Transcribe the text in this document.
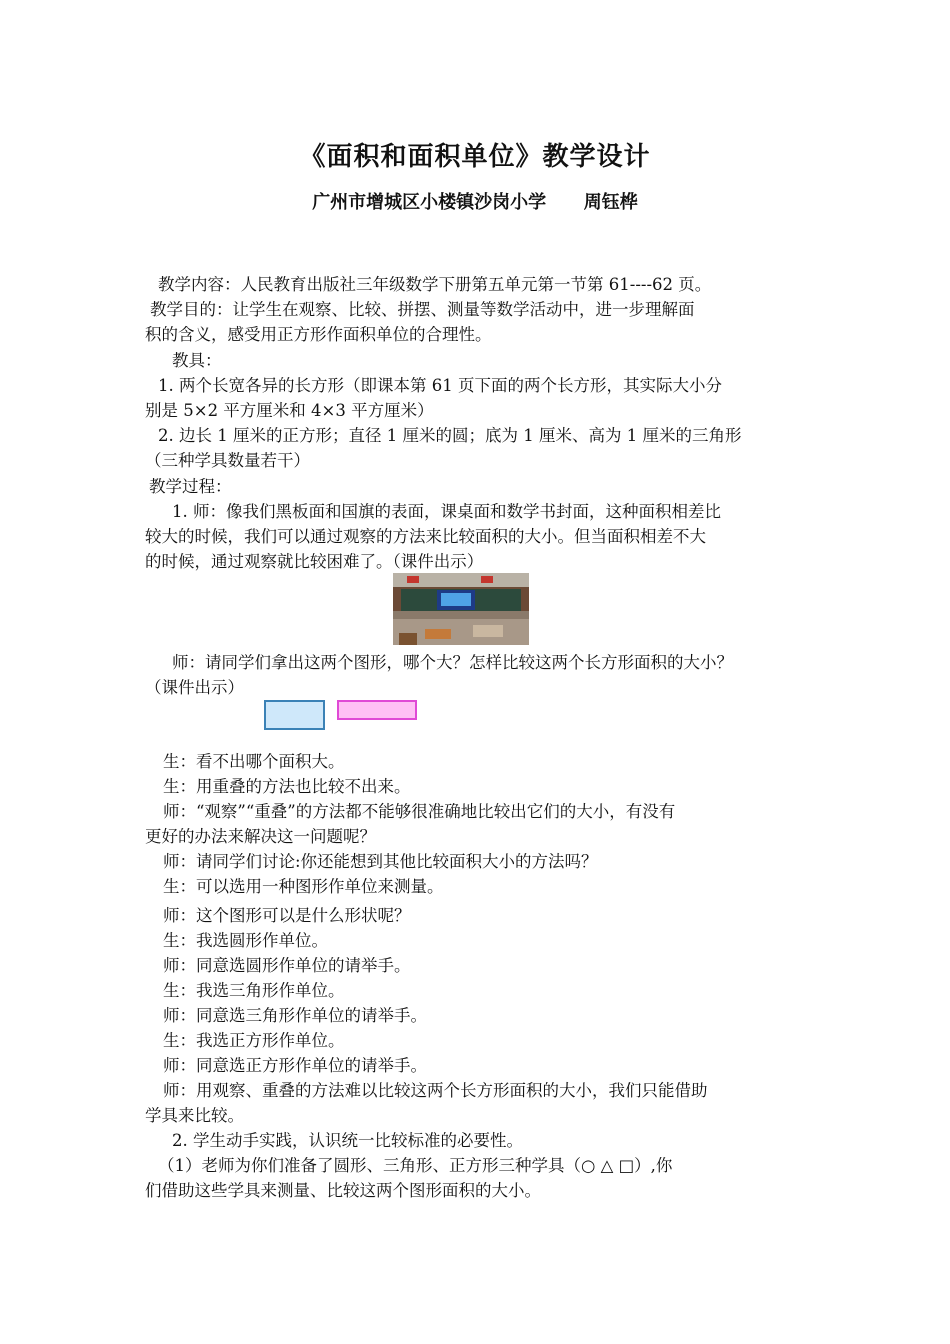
《面积和面积单位》教学设计
广州市增城区小楼镇沙岗小学      周钰桦
教学内容：人民教育出版社三年级数学下册第五单元第一节第 61----62 页。
教学目的：让学生在观察、比较、拼摆、测量等数学活动中，进一步理解面
积的含义，感受用正方形作面积单位的合理性。
教具：
1. 两个长宽各异的长方形（即课本第 61 页下面的两个长方形，其实际大小分
别是 5×2 平方厘米和 4×3 平方厘米）
2. 边长 1 厘米的正方形；直径 1 厘米的圆；底为 1 厘米、高为 1 厘米的三角形
（三种学具数量若干）
教学过程：
1. 师：像我们黑板面和国旗的表面，课桌面和数学书封面，这种面积相差比
较大的时候，我们可以通过观察的方法来比较面积的大小。但当面积相差不大
的时候，通过观察就比较困难了。（课件出示）
师：请同学们拿出这两个图形，哪个大？怎样比较这两个长方形面积的大小？
（课件出示）
生：看不出哪个面积大。
生：用重叠的方法也比较不出来。
师：“观察”“重叠”的方法都不能够很准确地比较出它们的大小，有没有
更好的办法来解决这一问题呢？
师：请同学们讨论:你还能想到其他比较面积大小的方法吗？
生：可以选用一种图形作单位来测量。
师：这个图形可以是什么形状呢？
生：我选圆形作单位。
师：同意选圆形作单位的请举手。
生：我选三角形作单位。
师：同意选三角形作单位的请举手。
生：我选正方形作单位。
师：同意选正方形作单位的请举手。
师：用观察、重叠的方法难以比较这两个长方形面积的大小，我们只能借助
学具来比较。
2. 学生动手实践，认识统一比较标准的必要性。
（1）老师为你们准备了圆形、三角形、正方形三种学具（○ △ □）,你
们借助这些学具来测量、比较这两个图形面积的大小。
